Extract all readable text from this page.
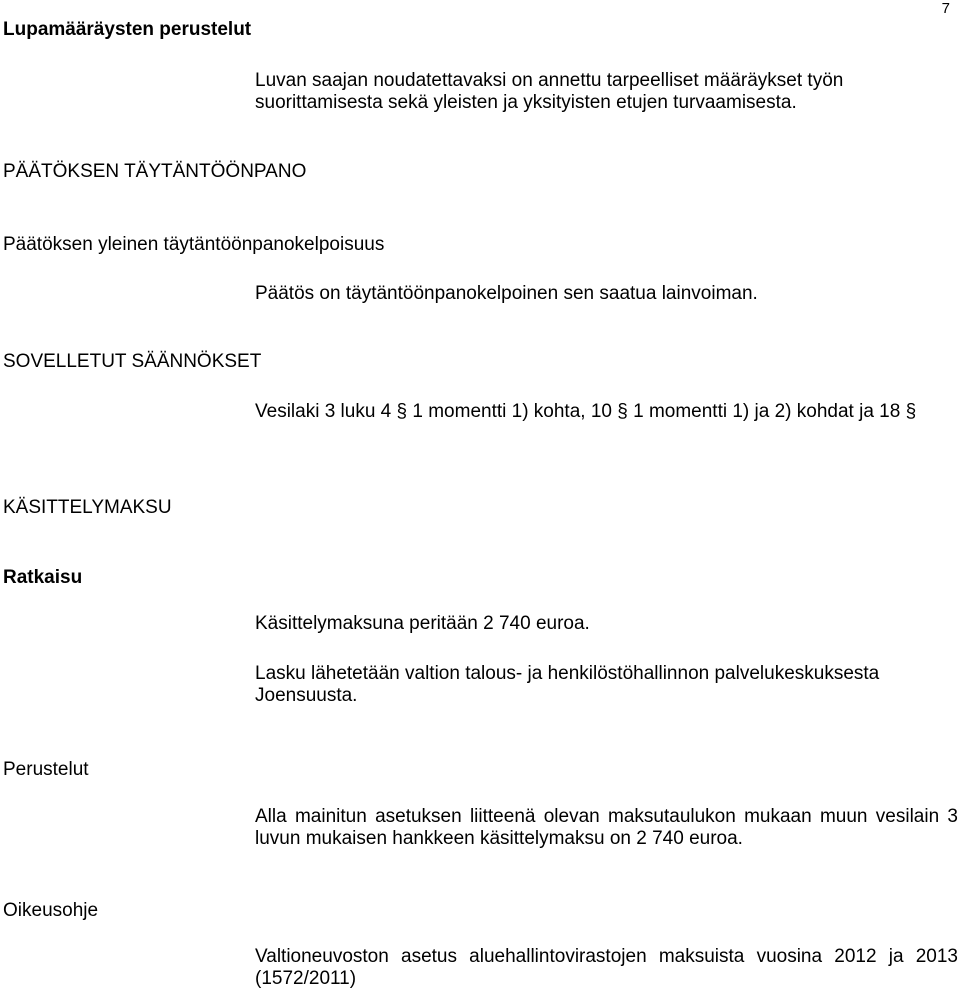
7
Lupamääräysten perustelut

Luvan saajan noudatettavaksi on annettu tarpeelliset määräykset työn suorittamisesta sekä yleisten ja yksityisten etujen turvaamisesta.

PÄÄTÖKSEN TÄYTÄNTÖÖNPANO
Päätöksen yleinen täytäntöönpanokelpoisuus

Päätös on täytäntöönpanokelpoinen sen saatua lainvoiman.

SOVELLETUT SÄÄNNÖKSET

Vesilaki 3 luku 4 § 1 momentti 1) kohta, 10 § 1 momentti 1) ja 2) kohdat ja 18 §

KÄSITTELYMAKSU
Ratkaisu

Käsittelymaksuna peritään 2 740 euroa.

Lasku lähetetään valtion talous- ja henkilöstöhallinnon palvelukeskuksesta Joensuusta.

Perustelut

Alla mainitun asetuksen liitteenä olevan maksutaulukon mukaan muun vesilain 3 luvun mukaisen hankkeen käsittelymaksu on 2 740 euroa.

Oikeusohje

Valtioneuvoston asetus aluehallintovirastojen maksuista vuosina 2012 ja 2013 (1572/2011)
